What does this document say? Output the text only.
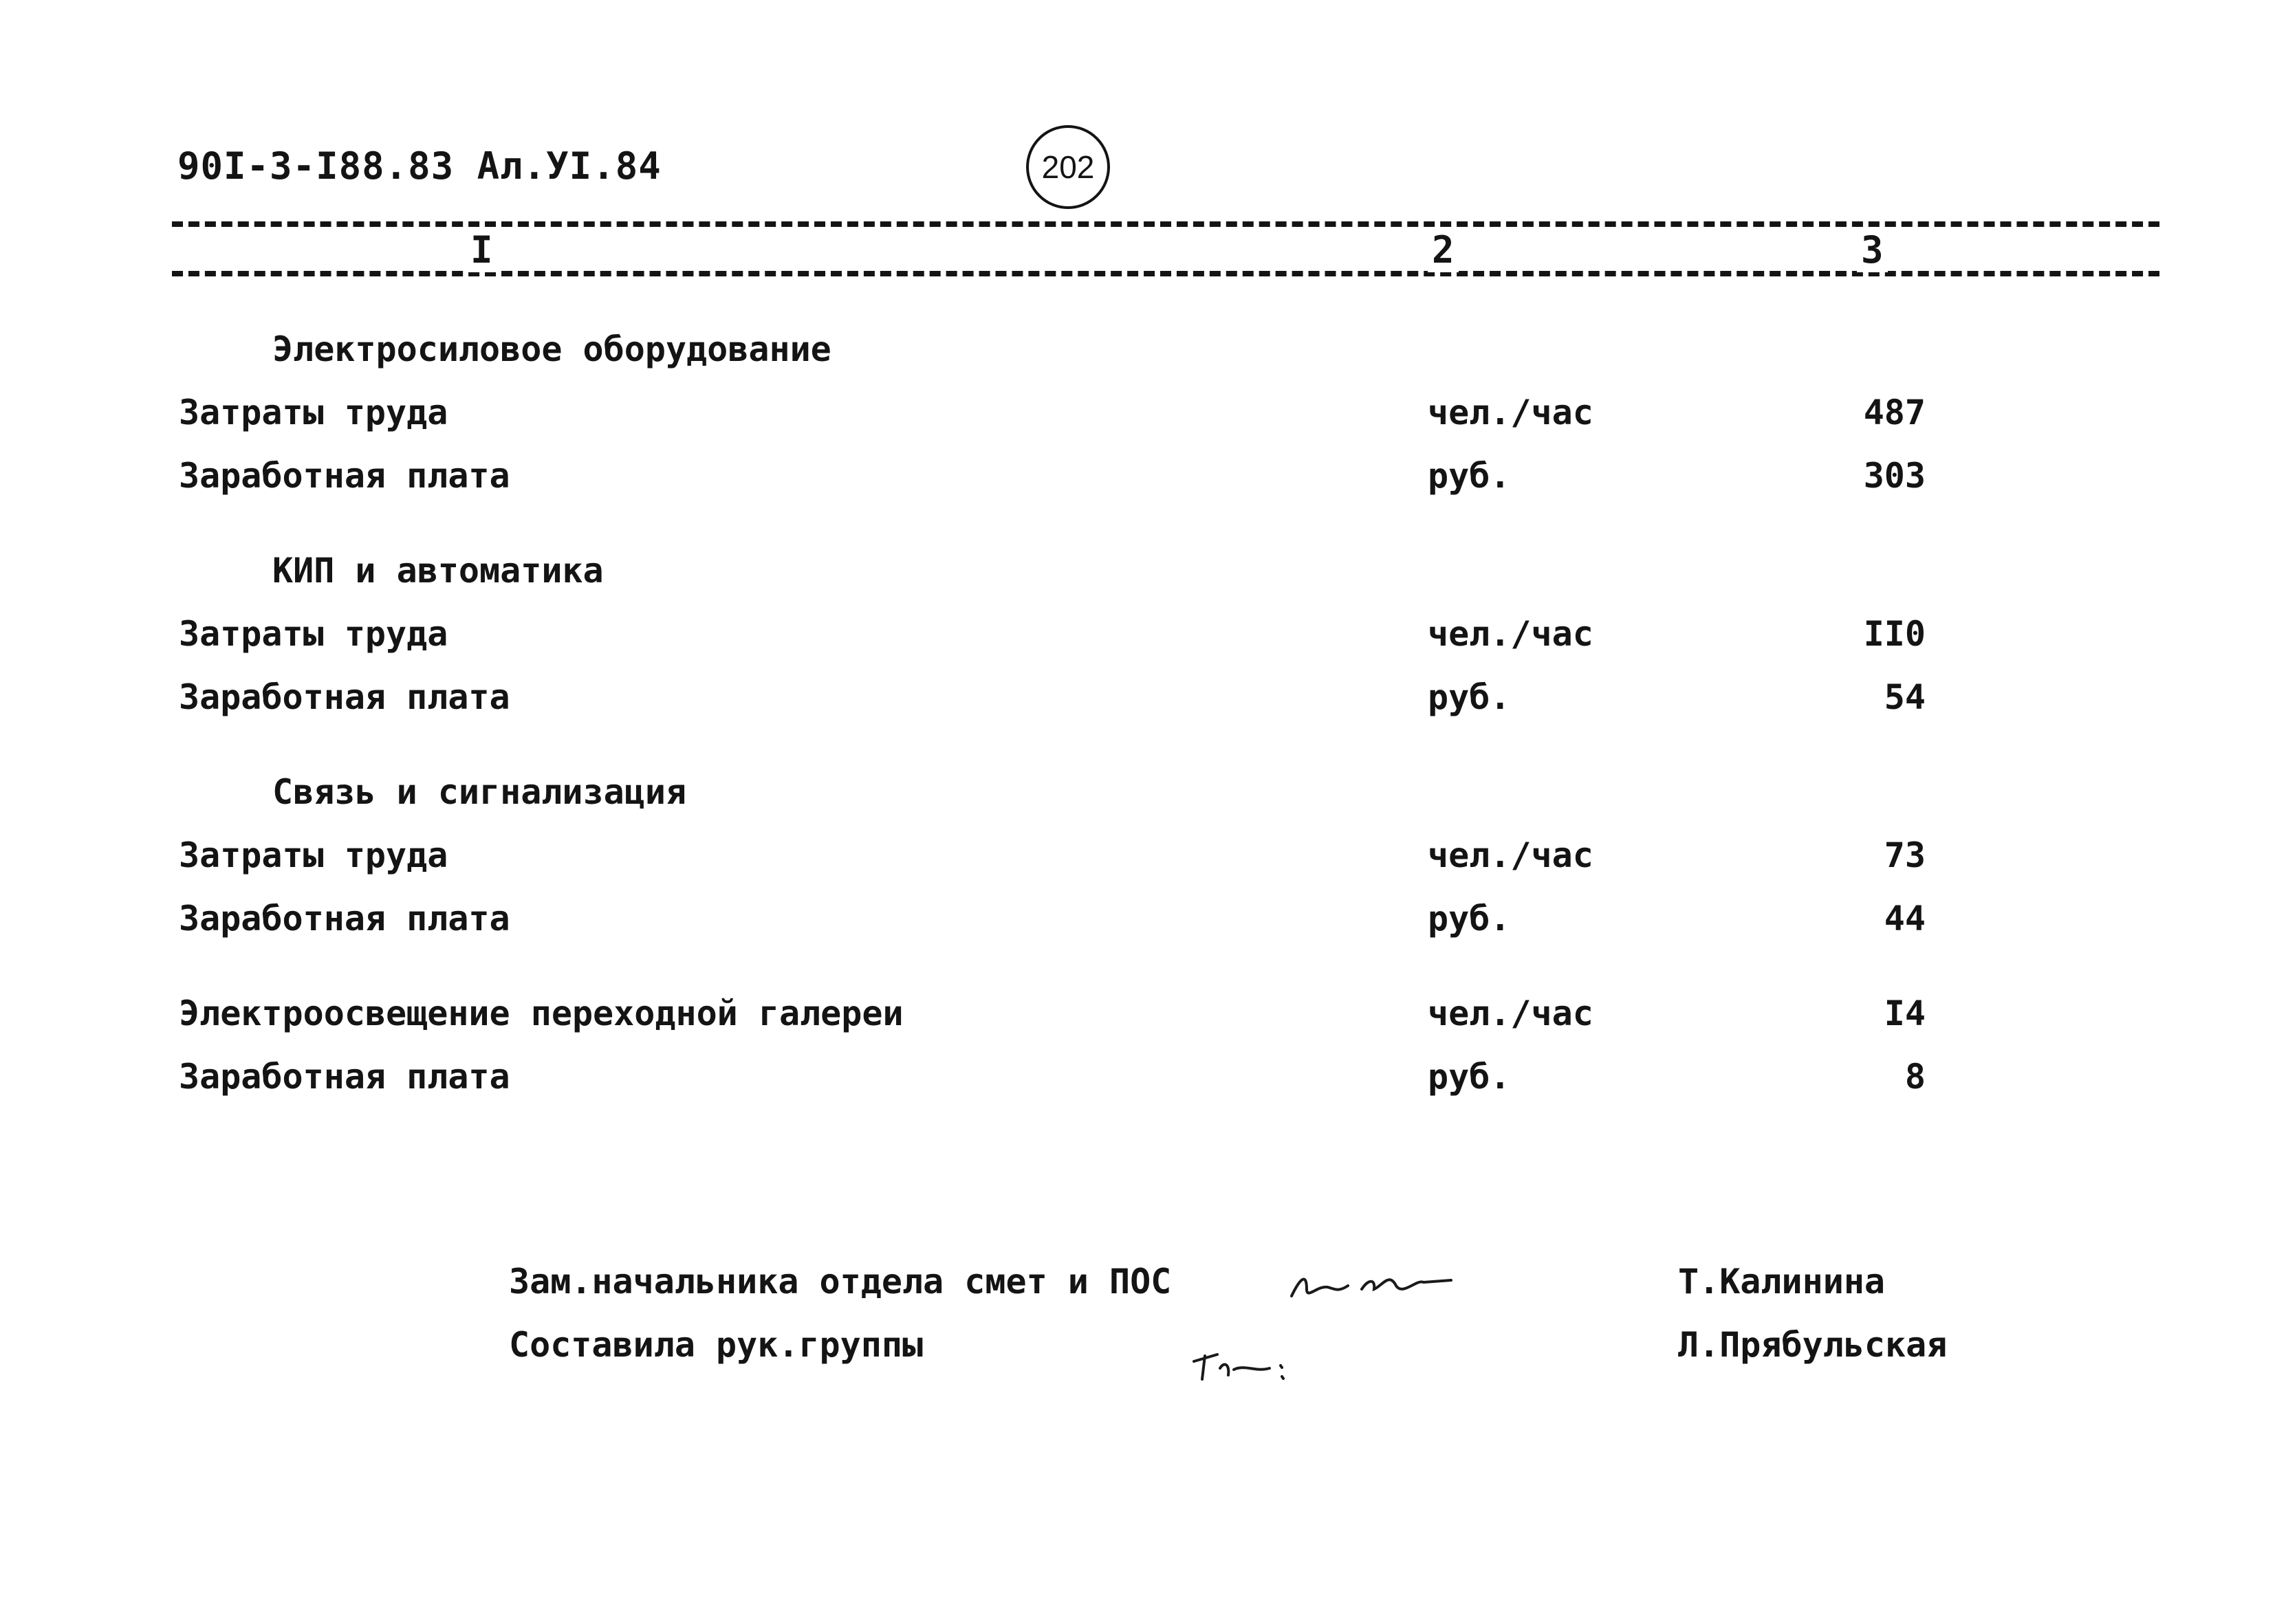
90I-3-I88.83 Ал.УI.84	202
I	2	3
Электросиловое оборудование
Затраты труда	чел./час	487
Заработная плата	руб.	303
КИП и автоматика
Затраты труда	чел./час	II0
Заработная плата	руб.	54
Связь и сигнализация
Затраты труда	чел./час	73
Заработная плата	руб.	44
Электроосвещение переходной галереи	чел./час	I4
Заработная плата	руб.	8
Зам.начальника отдела смет и ПОС	Т.Калинина
Составила рук.группы	Л.Прябульская
